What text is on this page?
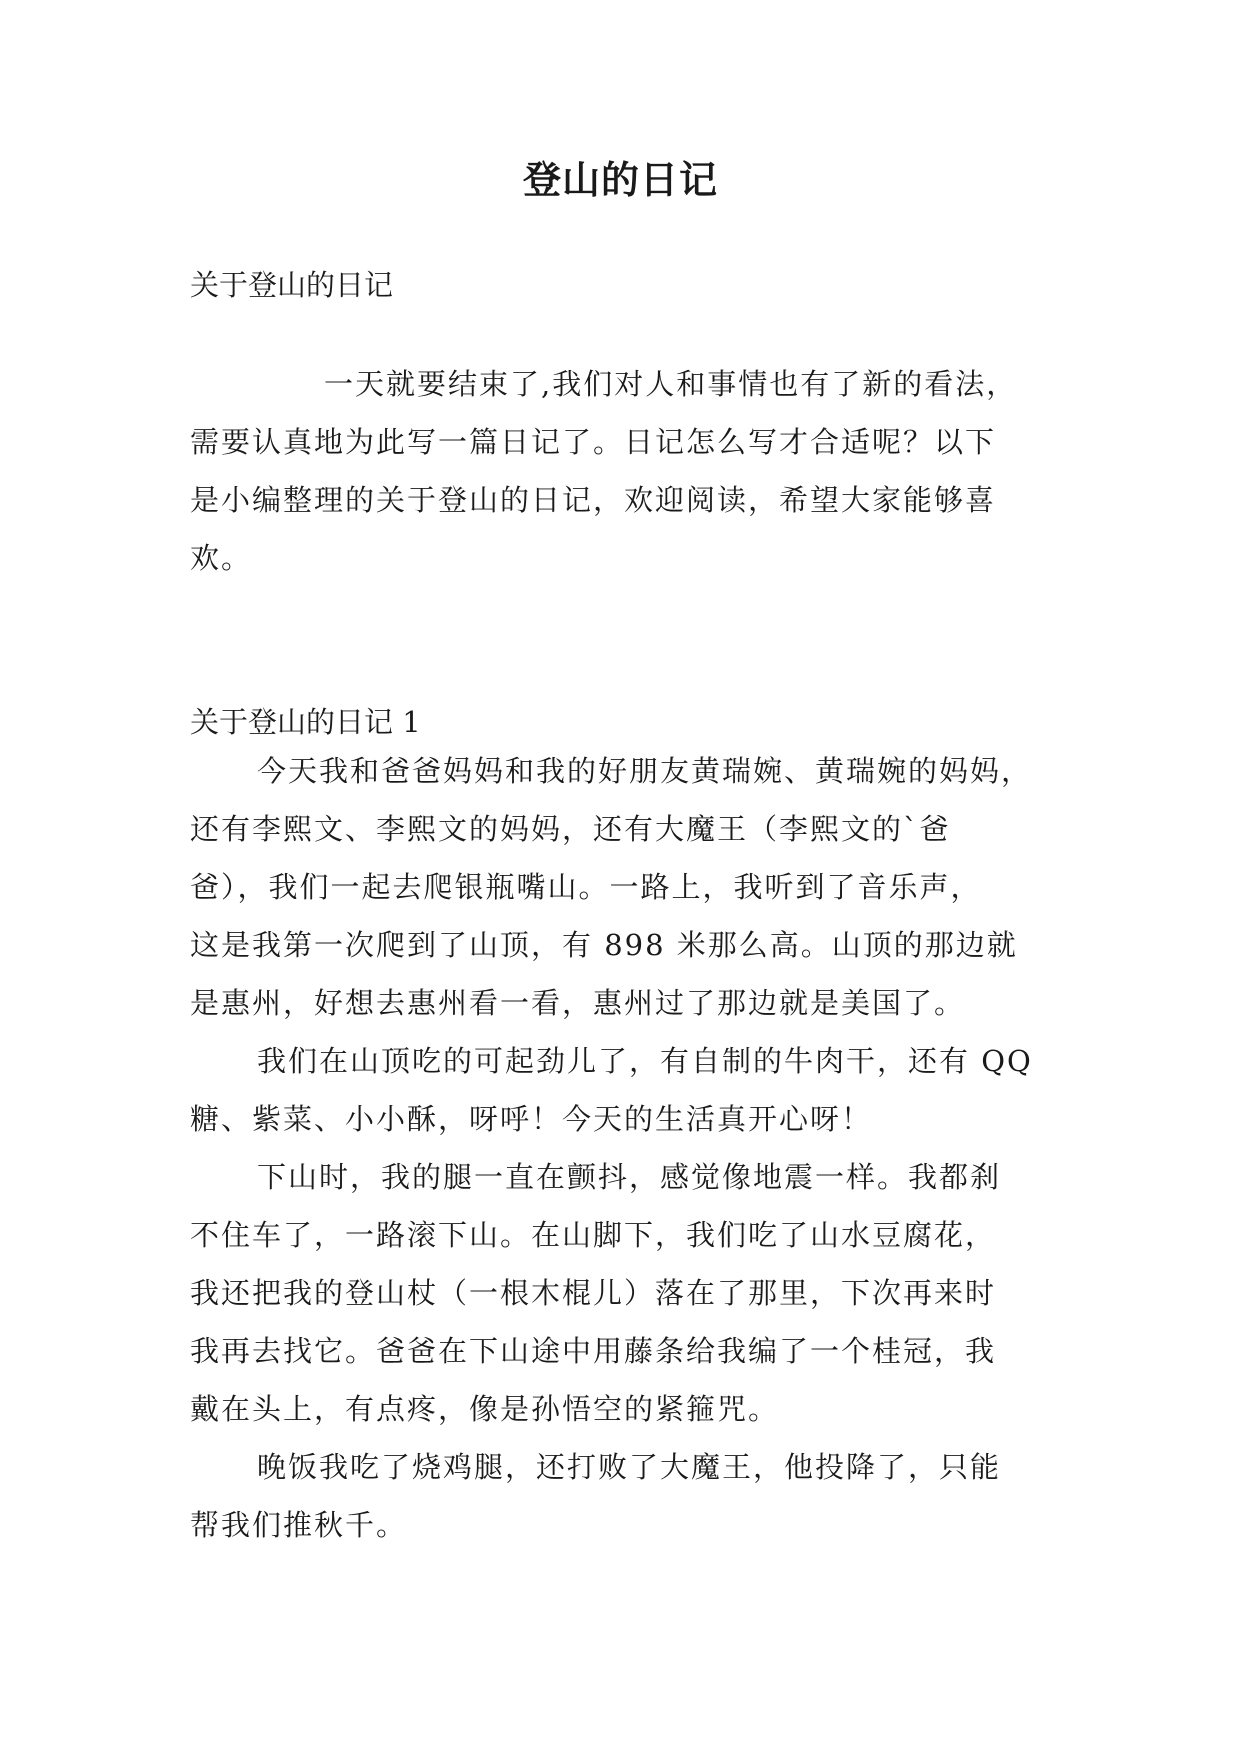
登山的日记
关于登山的日记
一天就要结束了,我们对人和事情也有了新的看法，
需要认真地为此写一篇日记了。日记怎么写才合适呢？以下
是小编整理的关于登山的日记，欢迎阅读，希望大家能够喜
欢。
关于登山的日记 1
今天我和爸爸妈妈和我的好朋友黄瑞婉、黄瑞婉的妈妈，
还有李熙文、李熙文的妈妈，还有大魔王（李熙文的`爸
爸），我们一起去爬银瓶嘴山。一路上，我听到了音乐声，
这是我第一次爬到了山顶，有 898 米那么高。山顶的那边就
是惠州，好想去惠州看一看，惠州过了那边就是美国了。
我们在山顶吃的可起劲儿了，有自制的牛肉干，还有 QQ
糖、紫菜、小小酥，呀呼！今天的生活真开心呀！
下山时，我的腿一直在颤抖，感觉像地震一样。我都刹
不住车了，一路滚下山。在山脚下，我们吃了山水豆腐花，
我还把我的登山杖（一根木棍儿）落在了那里，下次再来时
我再去找它。爸爸在下山途中用藤条给我编了一个桂冠，我
戴在头上，有点疼，像是孙悟空的紧箍咒。
晚饭我吃了烧鸡腿，还打败了大魔王，他投降了，只能
帮我们推秋千。
